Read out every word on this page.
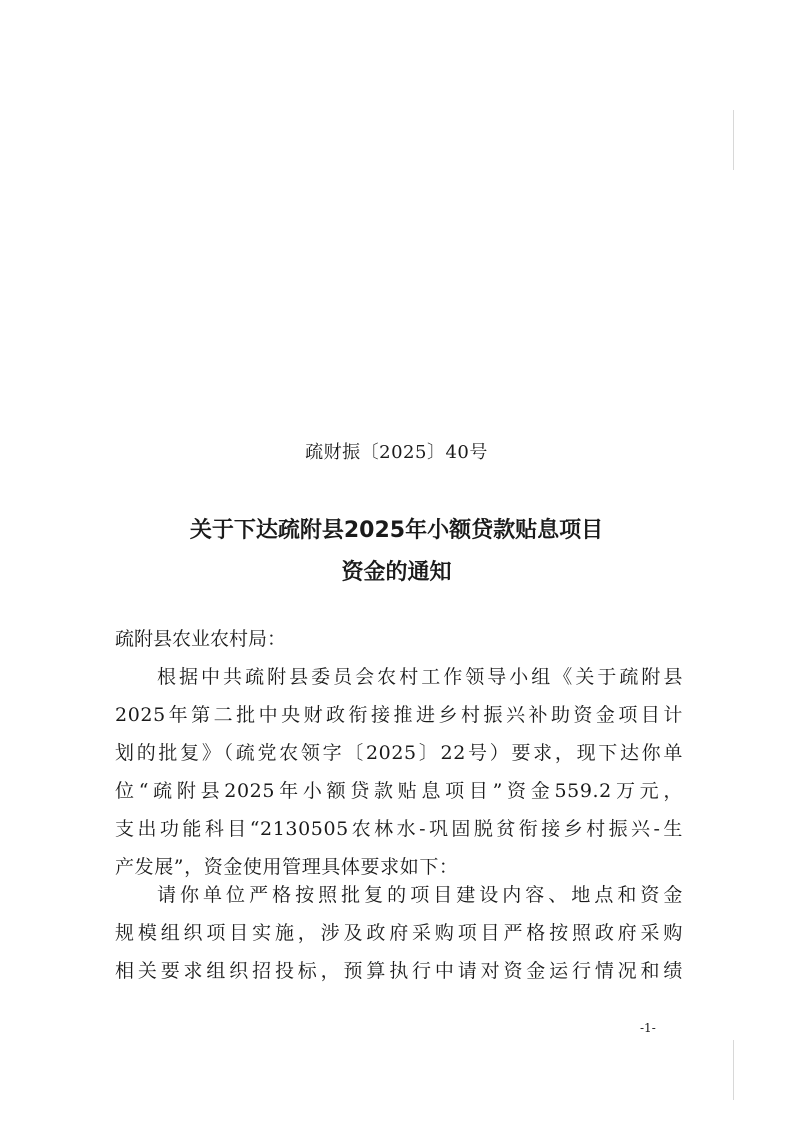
疏财振〔2025〕40号
关于下达疏附县2025年小额贷款贴息项目
资金的通知
疏附县农业农村局：
根据中共疏附县委员会农村工作领导小组《关于疏附县
2025年第二批中央财政衔接推进乡村振兴补助资金项目计
划的批复》（疏党农领字〔2025〕22号）要求，现下达你单
位“疏附县2025年小额贷款贴息项目”资金559.2万元，
支出功能科目“2130505农林水-巩固脱贫衔接乡村振兴-生
产发展”，资金使用管理具体要求如下：
请你单位严格按照批复的项目建设内容、地点和资金
规模组织项目实施，涉及政府采购项目严格按照政府采购
相关要求组织招投标，预算执行中请对资金运行情况和绩
-1-
